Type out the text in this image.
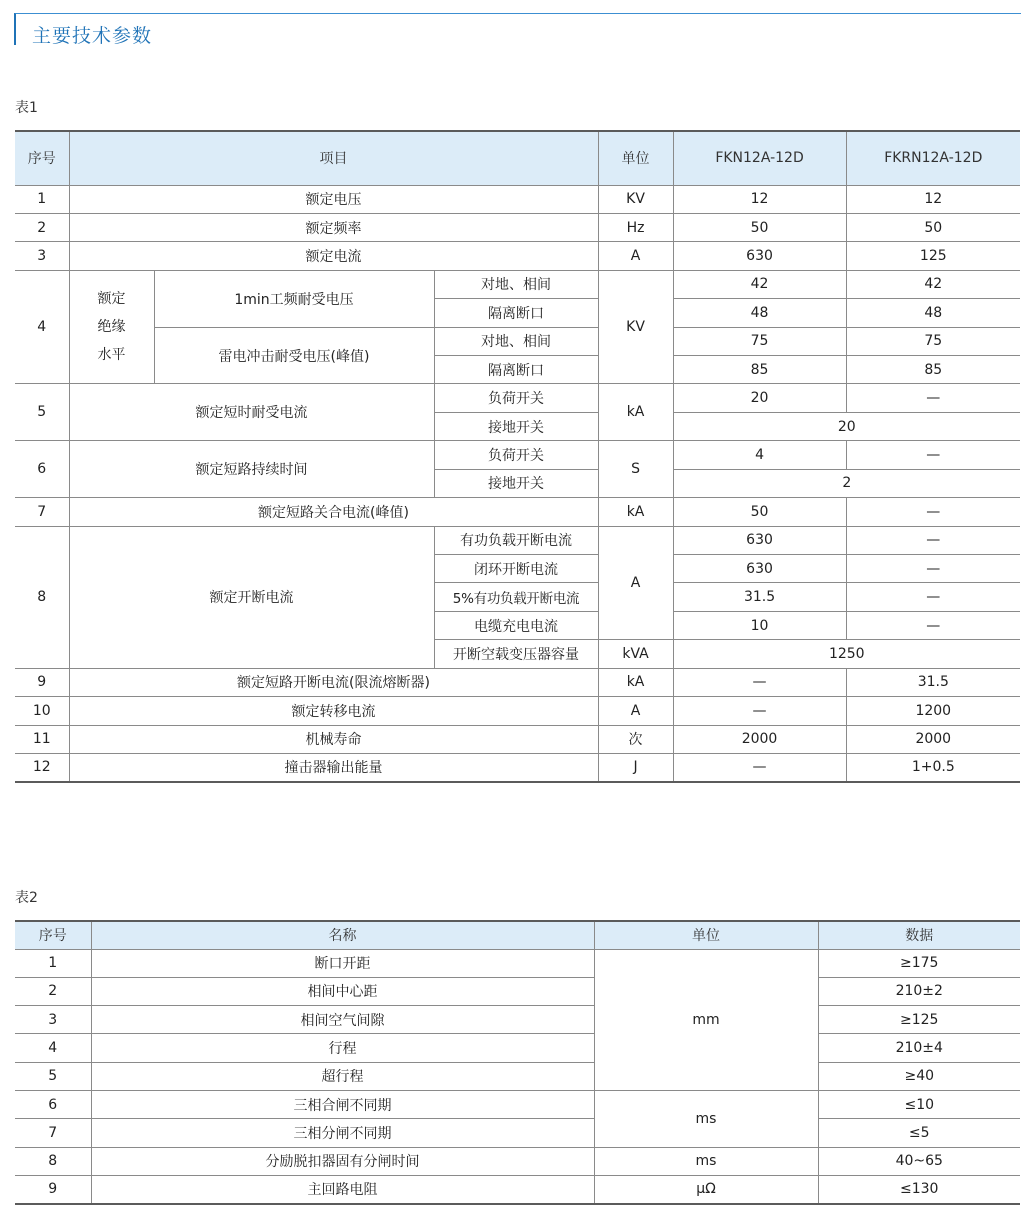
主要技术参数
表1
序号	项目			单位	FKN12A-12D	FKRN12A-12D
1	额定电压			KV	12	12
2	额定频率			Hz	50	50
3	额定电流			A	630	125
4	额定绝缘水平	1min工频耐受电压	对地、相间	KV	42	42
			隔离断口		48	48
		雷电冲击耐受电压(峰值)	对地、相间		75	75
			隔离断口		85	85
5	额定短时耐受电流		负荷开关	kA	20	—
			接地开关		20	
6	额定短路持续时间		负荷开关	S	4	—
			接地开关		2	
7	额定短路关合电流(峰值)			kA	50	—
8	额定开断电流		有功负载开断电流	A	630	—
			闭环开断电流		630	—
			5%有功负载开断电流		31.5	—
			电缆充电电流		10	—
			开断空载变压器容量	kVA	1250	
9	额定短路开断电流(限流熔断器)			kA	—	31.5
10	额定转移电流			A	—	1200
11	机械寿命			次	2000	2000
12	撞击器输出能量			J	—	1+0.5
表2
序号	名称	单位	数据
1	断口开距	mm	≥175
2	相间中心距		210±2
3	相间空气间隙		≥125
4	行程		210±4
5	超行程		≥40
6	三相合闸不同期	ms	≤10
7	三相分闸不同期		≤5
8	分励脱扣器固有分闸时间	ms	40~65
9	主回路电阻	μΩ	≤130
